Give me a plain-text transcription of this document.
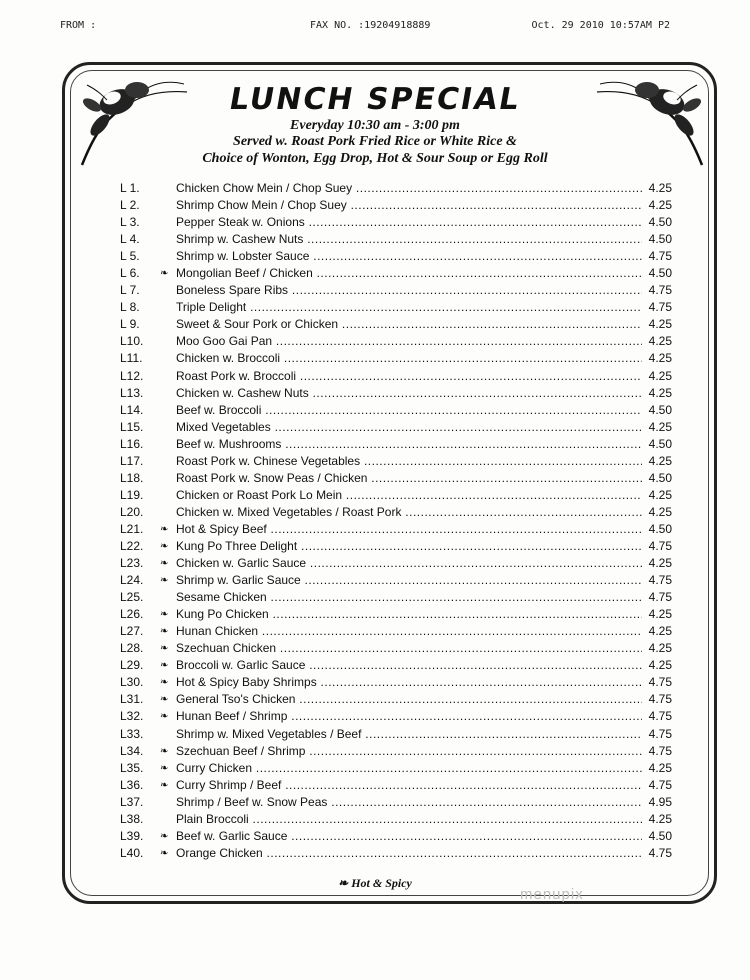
FROM :	FAX NO. :19204918889	Oct. 29 2010 10:57AM P2
LUNCH SPECIAL
Everyday 10:30 am - 3:00 pm
Served w. Roast Pork Fried Rice or White Rice &
Choice of Wonton, Egg Drop, Hot & Sour Soup or Egg Roll
L 1.	Chicken Chow Mein / Chop Suey .....	4.25
L 2.	Shrimp Chow Mein / Chop Suey .....	4.25
L 3.	Pepper Steak w. Onions .....	4.50
L 4.	Shrimp w. Cashew Nuts .....	4.50
L 5.	Shrimp w. Lobster Sauce .....	4.75
L 6.	Mongolian Beef / Chicken .....	4.50
❧
L 7.	Boneless Spare Ribs .....	4.75
L 8.	Triple Delight .....	4.75
L 9.	Sweet & Sour Pork or Chicken .....	4.25
L10.	Moo Goo Gai Pan .....	4.25
L11.	Chicken w. Broccoli .....	4.25
L12.	Roast Pork w. Broccoli .....	4.25
L13.	Chicken w. Cashew Nuts .....	4.25
L14.	Beef w. Broccoli .....	4.50
L15.	Mixed Vegetables .....	4.25
L16.	Beef w. Mushrooms .....	4.50
L17.	Roast Pork w. Chinese Vegetables .....	4.25
L18.	Roast Pork w. Snow Peas / Chicken .....	4.50
L19.	Chicken or Roast Pork Lo Mein .....	4.25
L20.	Chicken w. Mixed Vegetables / Roast Pork .....	4.25
L21.	Hot & Spicy Beef .....	4.50
❧
L22.	Kung Po Three Delight .....	4.75
❧
L23.	Chicken w. Garlic Sauce .....	4.25
❧
L24.	Shrimp w. Garlic Sauce .....	4.75
❧
L25.	Sesame Chicken .....	4.75
L26.	Kung Po Chicken .....	4.25
❧
L27.	Hunan Chicken .....	4.25
❧
L28.	Szechuan Chicken .....	4.25
❧
L29.	Broccoli w. Garlic Sauce .....	4.25
❧
L30.	Hot & Spicy Baby Shrimps .....	4.75
❧
L31.	General Tso's Chicken .....	4.75
❧
L32.	Hunan Beef / Shrimp .....	4.75
❧
L33.	Shrimp w. Mixed Vegetables / Beef .....	4.75
L34.	Szechuan Beef / Shrimp .....	4.75
❧
L35.	Curry Chicken .....	4.25
❧
L36.	Curry Shrimp / Beef .....	4.75
❧
L37.	Shrimp / Beef w. Snow Peas .....	4.95
L38.	Plain Broccoli .....	4.25
L39.	Beef w. Garlic Sauce .....	4.50
❧
L40.	Orange Chicken .....	4.75
❧
❧ Hot & Spicy
menupix
